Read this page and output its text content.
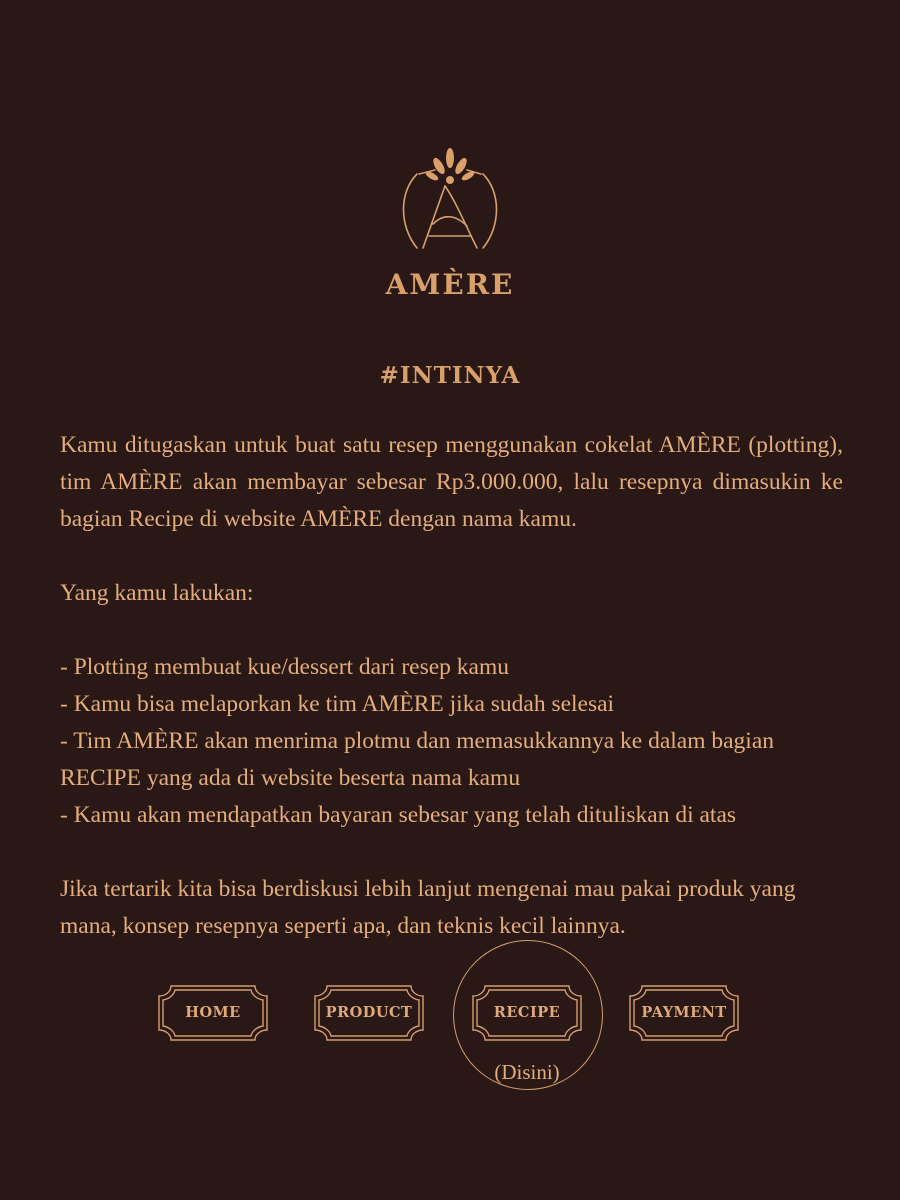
AMÈRE
#INTINYA

Kamu ditugaskan untuk buat satu resep menggunakan cokelat AMÈRE (plotting), tim AMÈRE akan membayar sebesar Rp3.000.000, lalu resepnya dimasukin ke bagian Recipe di website AMÈRE dengan nama kamu.

Yang kamu lakukan:

- Plotting membuat kue/dessert dari resep kamu

- Kamu bisa melaporkan ke tim AMÈRE jika sudah selesai

- Tim AMÈRE akan menrima plotmu dan memasukkannya ke dalam bagian RECIPE yang ada di website beserta nama kamu

- Kamu akan mendapatkan bayaran sebesar yang telah dituliskan di atas

Jika tertarik kita bisa berdiskusi lebih lanjut mengenai mau pakai produk yang mana, konsep resepnya seperti apa, dan teknis kecil lainnya.

HOME	PRODUCT	RECIPE
(Disini)
PAYMENT
